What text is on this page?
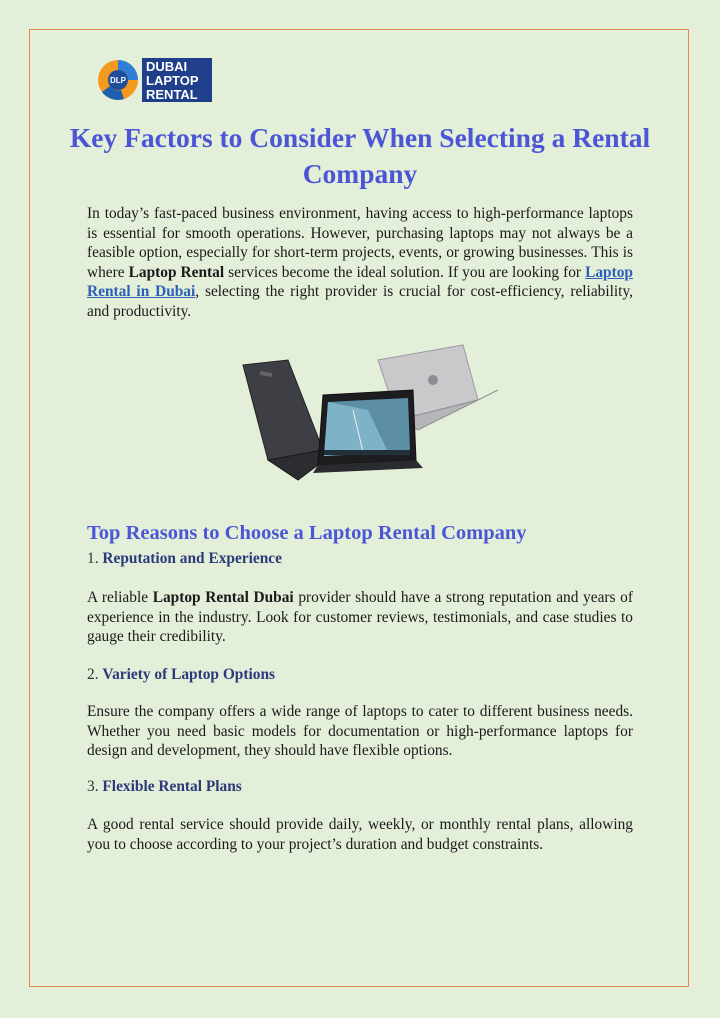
DLP
DUBAI
LAPTOP
RENTAL
Key Factors to Consider When Selecting a Rental Company

In today’s fast-paced business environment, having access to high-performance laptops is essential for smooth operations. However, purchasing laptops may not always be a feasible option, especially for short-term projects, events, or growing businesses. This is where Laptop Rental services become the ideal solution. If you are looking for Laptop Rental in Dubai, selecting the right provider is crucial for cost-efficiency, reliability, and productivity.

Top Reasons to Choose a Laptop Rental Company

1. Reputation and Experience

A reliable Laptop Rental Dubai provider should have a strong reputation and years of experience in the industry. Look for customer reviews, testimonials, and case studies to gauge their credibility.

2. Variety of Laptop Options

Ensure the company offers a wide range of laptops to cater to different business needs. Whether you need basic models for documentation or high-performance laptops for design and development, they should have flexible options.

3. Flexible Rental Plans

A good rental service should provide daily, weekly, or monthly rental plans, allowing you to choose according to your project’s duration and budget constraints.
